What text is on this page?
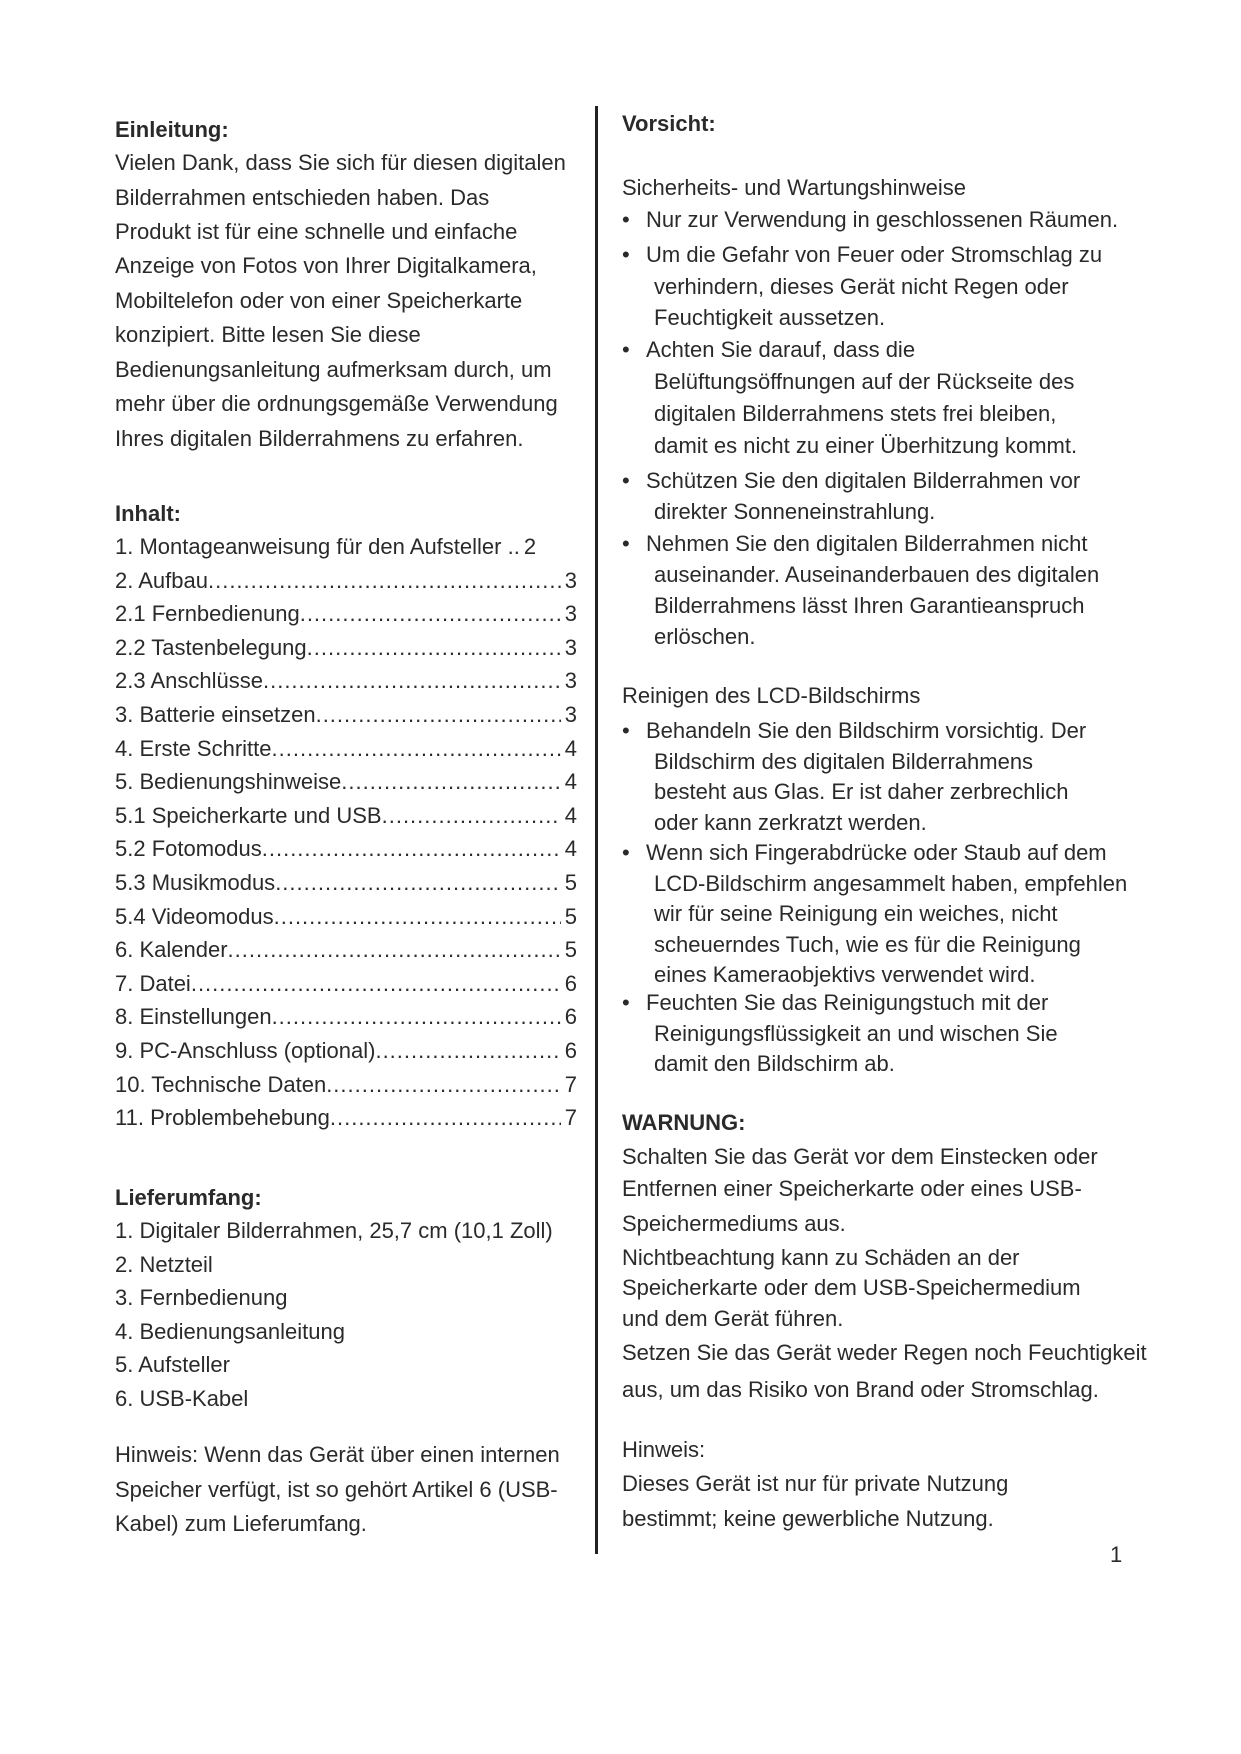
Einleitung:
Vielen Dank, dass Sie sich für diesen digitalen
Bilderrahmen entschieden haben. Das
Produkt ist für eine schnelle und einfache
Anzeige von Fotos von Ihrer Digitalkamera,
Mobiltelefon oder von einer Speicherkarte
konzipiert. Bitte lesen Sie diese
Bedienungsanleitung aufmerksam durch, um
mehr über die ordnungsgemäße Verwendung
Ihres digitalen Bilderrahmens zu erfahren.
Inhalt:
1. Montageanweisung für den Aufsteller .. 2
2. Aufbau .....	3
2.1 Fernbedienung .....	3
2.2 Tastenbelegung .....	3
2.3 Anschlüsse .....	3
3. Batterie einsetzen .....	3
4. Erste Schritte .....	4
5. Bedienungshinweise .....	4
5.1 Speicherkarte und USB .....	4
5.2 Fotomodus .....	4
5.3 Musikmodus .....	5
5.4 Videomodus .....	5
6. Kalender .....	5
7. Datei .....	6
8. Einstellungen .....	6
9. PC-Anschluss (optional) .....	6
10. Technische Daten .....	7
11. Problembehebung .....	7
Lieferumfang:
1. Digitaler Bilderrahmen, 25,7 cm (10,1 Zoll)
2. Netzteil
3. Fernbedienung
4. Bedienungsanleitung
5. Aufsteller
6. USB-Kabel
Hinweis: Wenn das Gerät über einen internen
Speicher verfügt, ist so gehört Artikel 6 (USB-
Kabel) zum Lieferumfang.
Vorsicht:
Sicherheits- und Wartungshinweise
• Nur zur Verwendung in geschlossenen Räumen.
• Um die Gefahr von Feuer oder Stromschlag zu
verhindern, dieses Gerät nicht Regen oder
Feuchtigkeit aussetzen.
• Achten Sie darauf, dass die
Belüftungsöffnungen auf der Rückseite des
digitalen Bilderrahmens stets frei bleiben,
damit es nicht zu einer Überhitzung kommt.
• Schützen Sie den digitalen Bilderrahmen vor
direkter Sonneneinstrahlung.
• Nehmen Sie den digitalen Bilderrahmen nicht
auseinander. Auseinanderbauen des digitalen
Bilderrahmens lässt Ihren Garantieanspruch
erlöschen.
Reinigen des LCD-Bildschirms
• Behandeln Sie den Bildschirm vorsichtig. Der
Bildschirm des digitalen Bilderrahmens
besteht aus Glas. Er ist daher zerbrechlich
oder kann zerkratzt werden.
• Wenn sich Fingerabdrücke oder Staub auf dem
LCD-Bildschirm angesammelt haben, empfehlen
wir für seine Reinigung ein weiches, nicht
scheuerndes Tuch, wie es für die Reinigung
eines Kameraobjektivs verwendet wird.
• Feuchten Sie das Reinigungstuch mit der
Reinigungsflüssigkeit an und wischen Sie
damit den Bildschirm ab.
WARNUNG:
Schalten Sie das Gerät vor dem Einstecken oder
Entfernen einer Speicherkarte oder eines USB-
Speichermediums aus.
Nichtbeachtung kann zu Schäden an der
Speicherkarte oder dem USB-Speichermedium
und dem Gerät führen.
Setzen Sie das Gerät weder Regen noch Feuchtigkeit
aus, um das Risiko von Brand oder Stromschlag.
Hinweis:
Dieses Gerät ist nur für private Nutzung
bestimmt; keine gewerbliche Nutzung.
1
